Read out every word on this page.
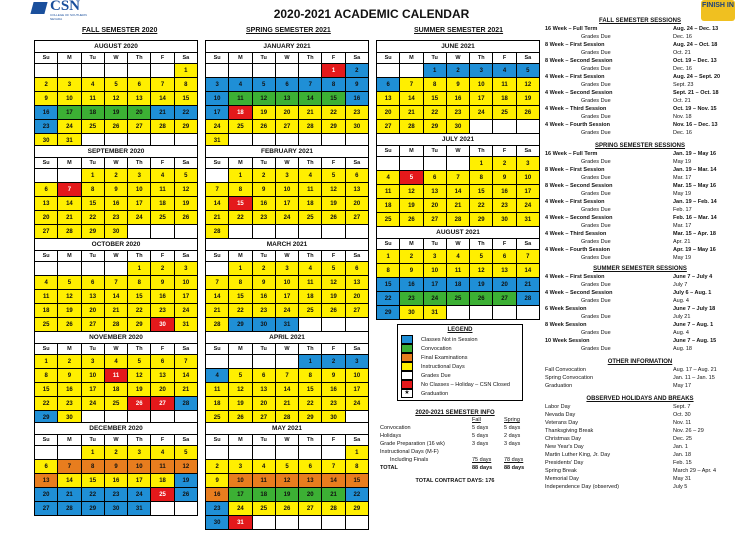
CSN
COLLEGE OF SOUTHERN NEVADA	2020-2021 ACADEMIC CALENDAR
FINISH IN
FALL SEMESTER 2020	SPRING SEMESTER 2021	SUMMER SEMESTER 2021
AUGUST 2020
Su	M	Tu	W	Th	F	Sa
						1
2	3	4	5	6	7	8
9	10	11	12	13	14	15
16	17	18	19	20	21	22
23	24	25	26	27	28	29
30	31					
SEPTEMBER 2020
Su	M	Tu	W	Th	F	Sa
		1	2	3	4	5
6	7	8	9	10	11	12
13	14	15	16	17	18	19
20	21	22	23	24	25	26
27	28	29	30			
OCTOBER 2020
Su	M	Tu	W	Th	F	Sa
				1	2	3
4	5	6	7	8	9	10
11	12	13	14	15	16	17
18	19	20	21	22	23	24
25	26	27	28	29	30	31
NOVEMBER 2020
Su	M	Tu	W	Th	F	Sa
1	2	3	4	5	6	7
8	9	10	11	12	13	14
15	16	17	18	19	20	21
22	23	24	25	26	27	28
29	30					
DECEMBER 2020
Su	M	Tu	W	Th	F	Sa
		1	2	3	4	5
6	7	8	9	10	11	12
13	14	15	16	17	18	19
20	21	22	23	24	25	26
27	28	29	30	31		
JANUARY 2021
Su	M	Tu	W	Th	F	Sa
					1	2
3	4	5	6	7	8	9
10	11	12	13	14	15	16
17	18	19	20	21	22	23
24	25	26	27	28	29	30
31						
FEBRUARY 2021
Su	M	Tu	W	Th	F	Sa
	1	2	3	4	5	6
7	8	9	10	11	12	13
14	15	16	17	18	19	20
21	22	23	24	25	26	27
28						
MARCH 2021
Su	M	Tu	W	Th	F	Sa
	1	2	3	4	5	6
7	8	9	10	11	12	13
14	15	16	17	18	19	20
21	22	23	24	25	26	27
28	29	30	31			
APRIL 2021
Su	M	Tu	W	Th	F	Sa
				1	2	3
4	5	6	7	8	9	10
11	12	13	14	15	16	17
18	19	20	21	22	23	24
25	26	27	28	29	30	
MAY 2021
Su	M	Tu	W	Th	F	Sa
						1
2	3	4	5	6	7	8
9	10	11	12	13	14	15
16	17	18	19	20	21	22
23	24	25	26	27	28	29
30	31					
JUNE 2021
Su	M	Tu	W	Th	F	Sa
		1	2	3	4	5
6	7	8	9	10	11	12
13	14	15	16	17	18	19
20	21	22	23	24	25	26
27	28	29	30			
JULY 2021
Su	M	Tu	W	Th	F	Sa
				1	2	3
4	5	6	7	8	9	10
11	12	13	14	15	16	17
18	19	20	21	22	23	24
25	26	27	28	29	30	31
AUGUST 2021
Su	M	Tu	W	Th	F	Sa
1	2	3	4	5	6	7
8	9	10	11	12	13	14
15	16	17	18	19	20	21
22	23	24	25	26	27	28
29	30	31				
LEGEND
Classes Not in Session
Convocation
Final Examinations
Instructional Days
Grades Due
No Classes – Holiday – CSN Closed
★	Graduation
2020-2021 SEMESTER INFO
Fall	Spring
Convocation	5 days	5 days
Holidays	5 days	2 days
Grade Preparation (16 wk)	3 days	3 days
Instructional Days (M-F)
Including Finals	75 days	78 days
TOTAL	88 days	88 days
TOTAL CONTRACT DAYS: 176
FALL SEMESTER SESSIONS
16 Week – Full Term	Aug. 24 – Dec. 13
Grades Due	Dec. 16
8 Week – First Session	Aug. 24 – Oct. 18
Grades Due	Oct. 21
8 Week – Second Session	Oct. 19 – Dec. 13
Grades Due	Dec. 16
4 Week – First Session	Aug. 24 – Sept. 20
Grades Due	Sept. 23
4 Week – Second Session	Sept. 21 – Oct. 18
Grades Due	Oct. 21
4 Week – Third Session	Oct. 19 – Nov. 15
Grades Due	Nov. 18
4 Week – Fourth Session	Nov. 16 – Dec. 13
Grades Due	Dec. 16
SPRING SEMESTER SESSIONS
16 Week – Full Term	Jan. 19 – May 16
Grades Due	May 19
8 Week – First Session	Jan. 19 – Mar. 14
Grades Due	Mar. 17
8 Week – Second Session	Mar. 15 – May 16
Grades Due	May 19
4 Week – First Session	Jan. 19 – Feb. 14
Grades Due	Feb. 17
4 Week – Second Session	Feb. 16 – Mar. 14
Grades Due	Mar. 17
4 Week – Third Session	Mar. 15 – Apr. 18
Grades Due	Apr. 21
4 Week – Fourth Session	Apr. 19 – May 16
Grades Due	May 19
SUMMER SEMESTER SESSIONS
4 Week – First Session	June 7 – July 4
Grades Due	July 7
4 Week – Second Session	July 6 – Aug. 1
Grades Due	Aug. 4
6 Week Session	June 7 – July 18
Grades Due	July 21
8 Week Session	June 7 – Aug. 1
Grades Due	Aug. 4
10 Week Session	June 7 – Aug. 15
Grades Due	Aug. 18
OTHER INFORMATION
Fall Convocation	Aug. 17 – Aug. 21
Spring Convocation	Jan. 11 – Jan. 15
Graduation	May 17
OBSERVED HOLIDAYS AND BREAKS
Labor Day	Sept. 7
Nevada Day	Oct. 30
Veterans Day	Nov. 11
Thanksgiving Break	Nov. 26 – 29
Christmas Day	Dec. 25
New Year's Day	Jan. 1
Martin Luther King, Jr. Day	Jan. 18
Presidents' Day	Feb. 15
Spring Break	March 29 – Apr. 4
Memorial Day	May 31
Independence Day (observed)	July 5
